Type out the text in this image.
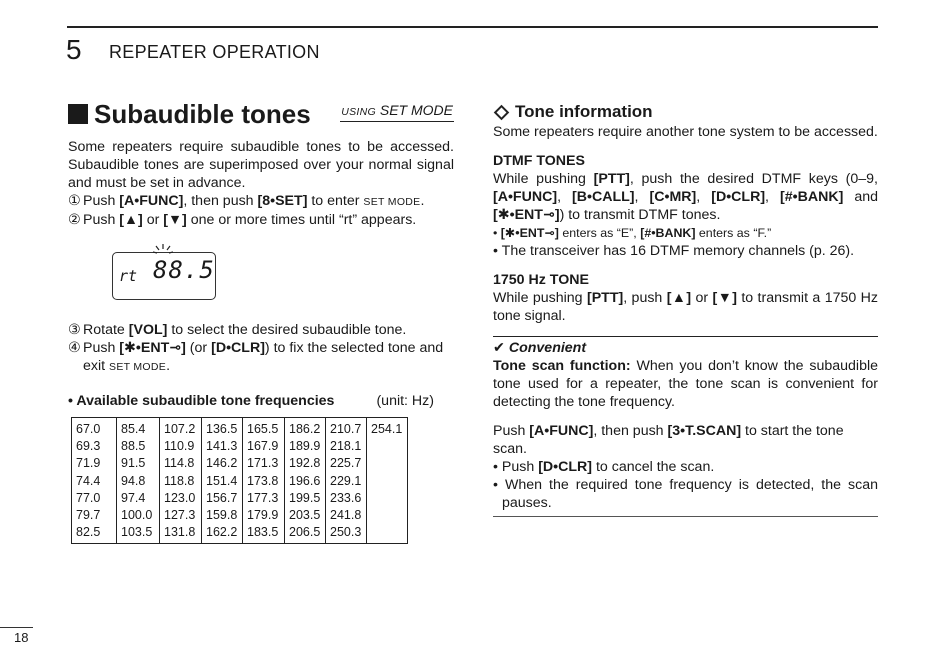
5 REPEATER OPERATION
Subaudible tones	USING SET MODE

Some repeaters require subaudible tones to be accessed. Subaudible tones are superimposed over your normal signal and must be set in advance.

① Push [A•FUNC], then push [8•SET] to enter SET MODE.
② Push [▲] or [▼] one or more times until “rt” appears.
rt 88.5
③ Rotate [VOL] to select the desired subaudible tone.
④ Push [✱•ENT⊸] (or [D•CLR]) to fix the selected tone and exit SET MODE.
• Available subaudible tone frequencies	(unit: Hz)
67.0	85.4	107.2	136.5	165.5	186.2	210.7	254.1
69.3	88.5	110.9	141.3	167.9	189.9	218.1	
71.9	91.5	114.8	146.2	171.3	192.8	225.7	
74.4	94.8	118.8	151.4	173.8	196.6	229.1	
77.0	97.4	123.0	156.7	177.3	199.5	233.6	
79.7	100.0	127.3	159.8	179.9	203.5	241.8	
82.5	103.5	131.8	162.2	183.5	206.5	250.3	
Tone information

Some repeaters require another tone system to be accessed.

DTMF TONES

While pushing [PTT], push the desired DTMF keys (0–9, [A•FUNC], [B•CALL], [C•MR], [D•CLR], [#•BANK] and [✱•ENT⊸]) to transmit DTMF tones.

• [✱•ENT⊸] enters as “E”, [#•BANK] enters as “F.”

• The transceiver has 16 DTMF memory channels (p. 26).

1750 Hz TONE

While pushing [PTT], push [▲] or [▼] to transmit a 1750 Hz tone signal.

✔ Convenient

Tone scan function: When you don’t know the subaudible tone used for a repeater, the tone scan is convenient for detecting the tone frequency.

Push [A•FUNC], then push [3•T.SCAN] to start the tone scan.

• Push [D•CLR] to cancel the scan.

• When the required tone frequency is detected, the scan pauses.

18
